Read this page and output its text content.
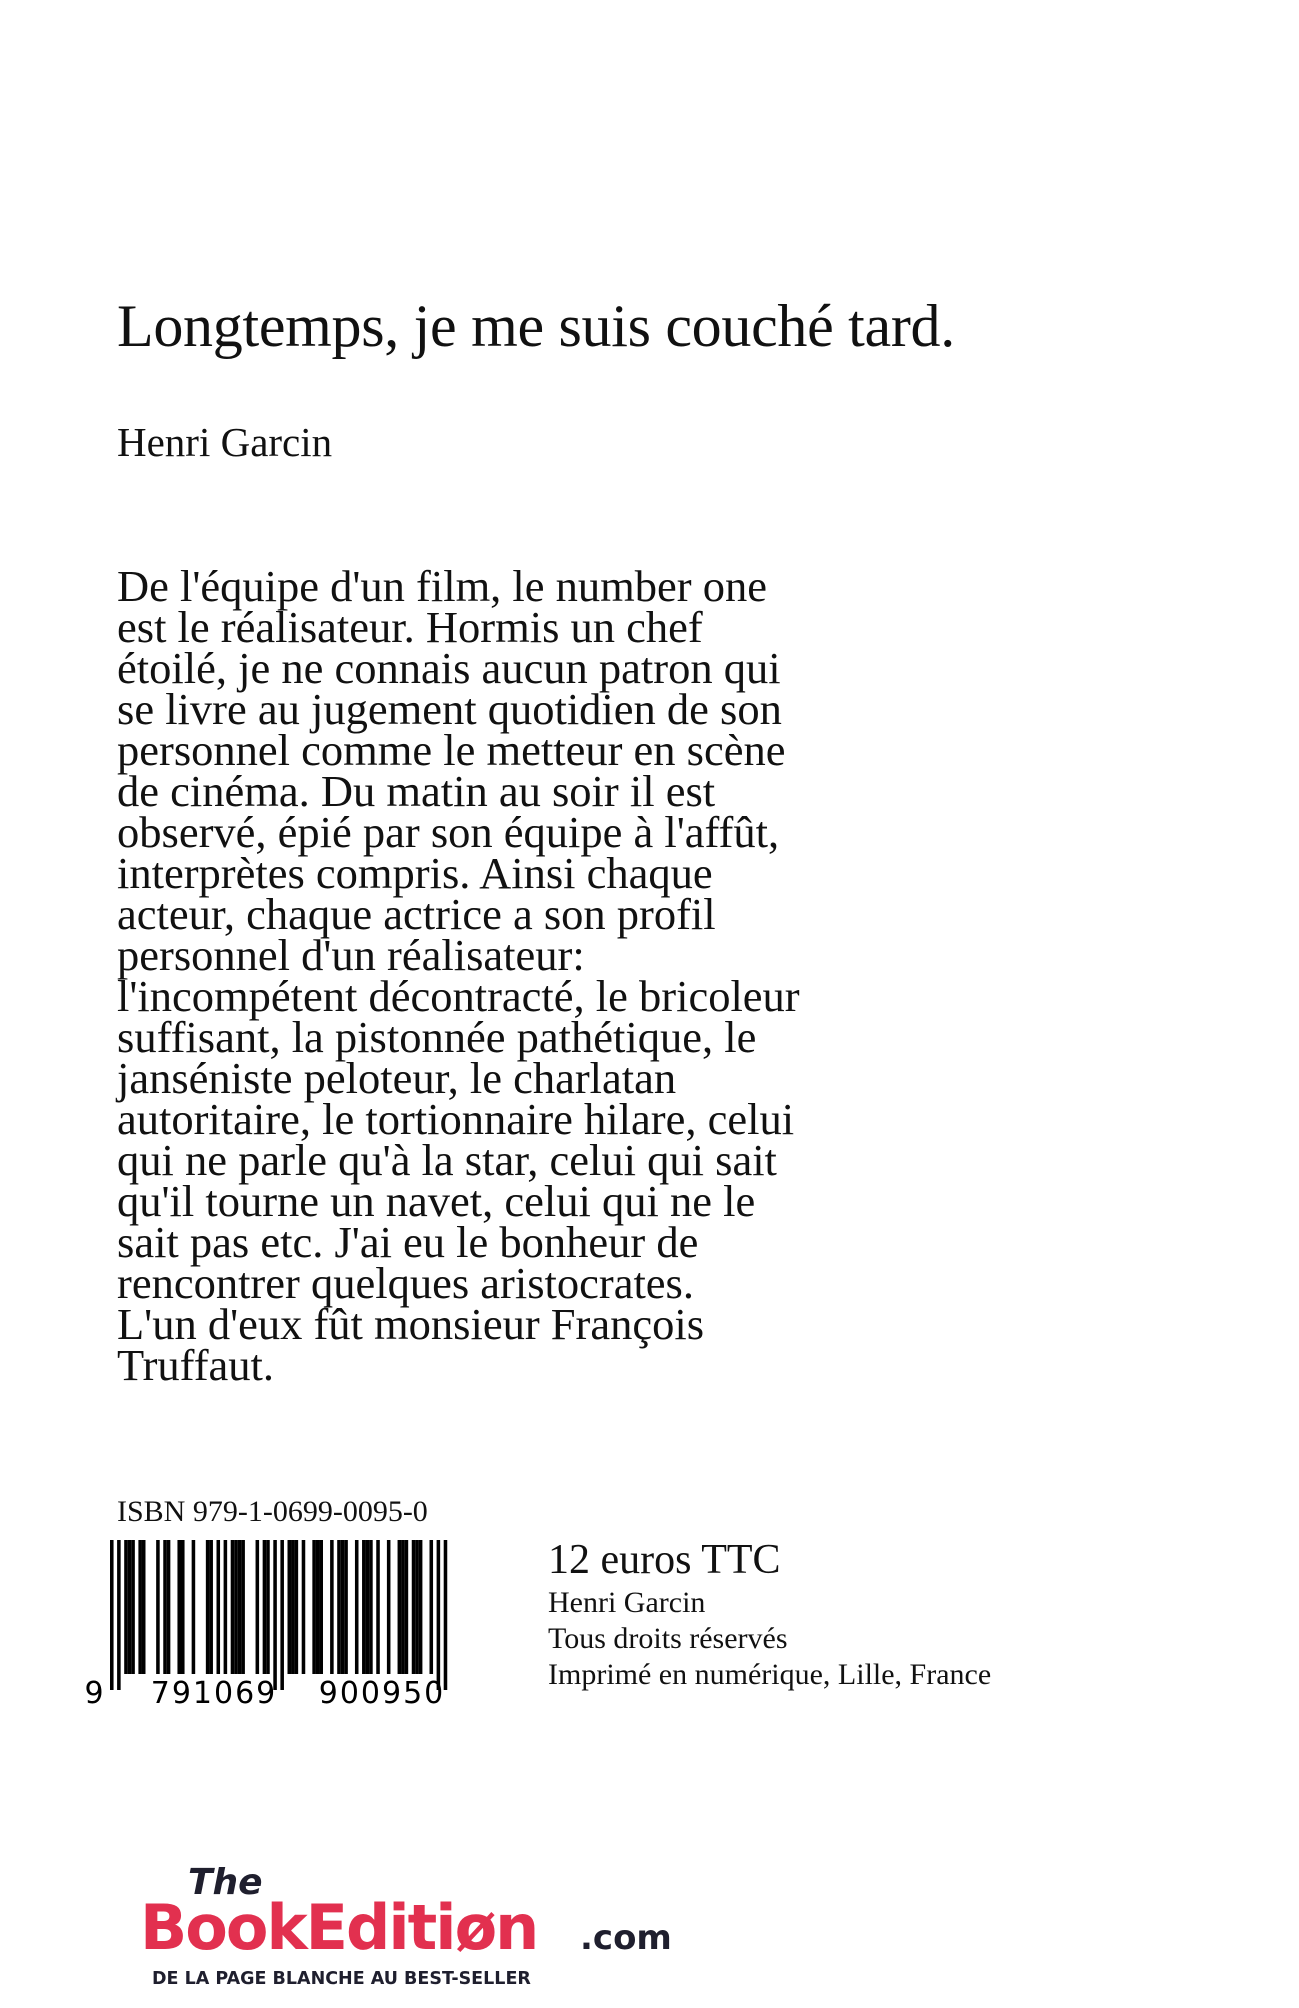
Longtemps, je me suis couché tard.
Henri Garcin
De l'équipe d'un film, le number one
est le réalisateur. Hormis un chef
étoilé, je ne connais aucun patron qui
se livre au jugement quotidien de son
personnel comme le metteur en scène
de cinéma. Du matin au soir il est
observé, épié par son équipe à l'affût,
interprètes compris. Ainsi chaque
acteur, chaque actrice a son profil
personnel d'un réalisateur:
l'incompétent décontracté, le bricoleur
suffisant, la pistonnée pathétique, le
janséniste peloteur, le charlatan
autoritaire, le tortionnaire hilare, celui
qui ne parle qu'à la star, celui qui sait
qu'il tourne un navet, celui qui ne le
sait pas etc. J'ai eu le bonheur de
rencontrer quelques aristocrates.
L'un d'eux fût monsieur François
Truffaut.
ISBN 979-1-0699-0095-0
9 791069 900950
12 euros TTC
Henri Garcin
Tous droits réservés
Imprimé en numérique, Lille, France
The
BookEditiøn .com
DE LA PAGE BLANCHE AU BEST-SELLER
